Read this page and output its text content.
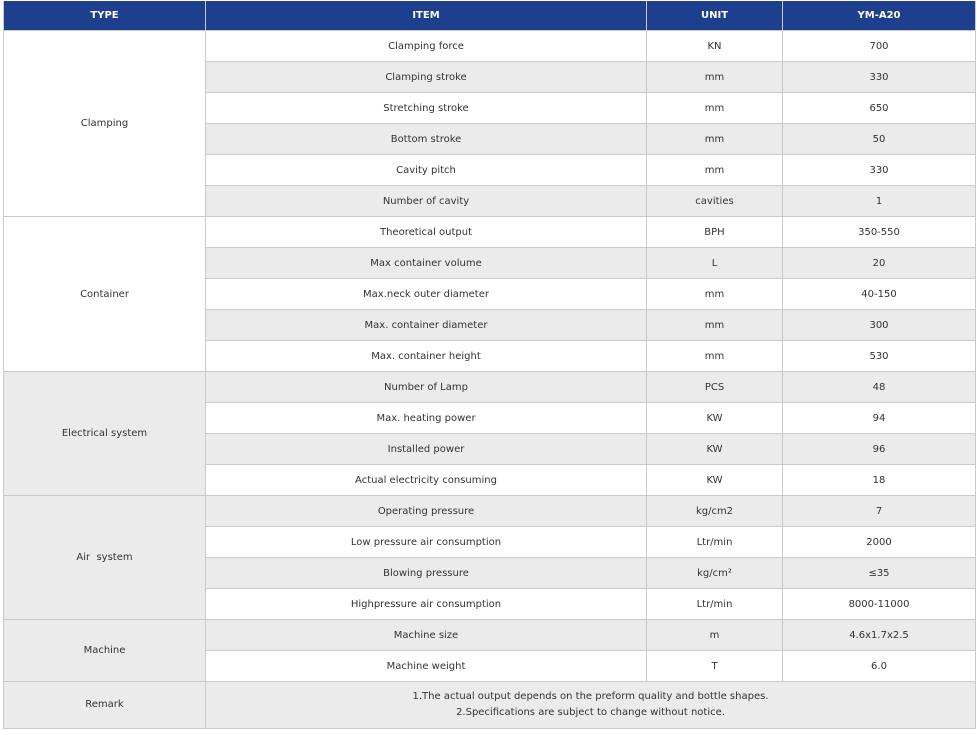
TYPE	ITEM	UNIT	YM-A20
Clamping	Clamping force	KN	700
	Clamping stroke	mm	330
	Stretching stroke	mm	650
	Bottom stroke	mm	50
	Cavity pitch	mm	330
	Number of cavity	cavities	1
Container	Theoretical output	BPH	350-550
	Max container volume	L	20
	Max.neck outer diameter	mm	40-150
	Max. container diameter	mm	300
	Max. container height	mm	530
Electrical system	Number of Lamp	PCS	48
	Max. heating power	KW	94
	Installed power	KW	96
	Actual electricity consuming	KW	18
Air  system	Operating pressure	kg/cm2	7
	Low pressure air consumption	Ltr/min	2000
	Blowing pressure	kg/cm²	≤35
	Highpressure air consumption	Ltr/min	8000-11000
Machine	Machine size	m	4.6x1.7x2.5
	Machine weight	T	6.0
Remark	1.The actual output depends on the preform quality and bottle shapes.
2.Specifications are subject to change without notice.		
